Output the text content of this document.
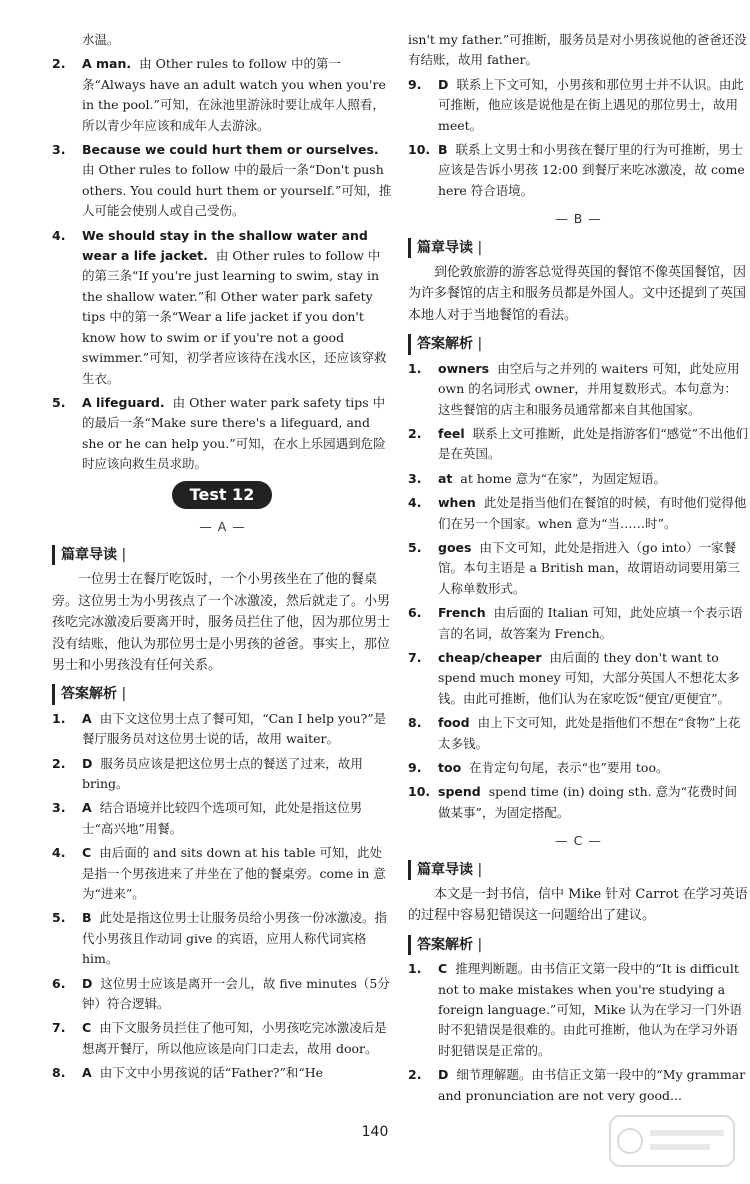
水温。
2. A man. 由 Other rules to follow 中的第一条“Always have an adult watch you when you're in the pool.”可知，在泳池里游泳时要让成年人照看，所以青少年应该和成年人去游泳。
3. Because we could hurt them or ourselves.由 Other rules to follow 中的最后一条“Don't push others. You could hurt them or yourself.”可知，推人可能会使别人或自己受伤。
4. We should stay in the shallow water and wear a life jacket. 由 Other rules to follow 中的第三条“If you're just learning to swim, stay in the shallow water.”和 Other water park safety tips 中的第一条“Wear a life jacket if you don't know how to swim or if you're not a good swimmer.”可知，初学者应该待在浅水区，还应该穿救生衣。
5. A lifeguard. 由 Other water park safety tips 中的最后一条“Make sure there's a lifeguard, and she or he can help you.”可知，在水上乐园遇到危险时应该向救生员求助。
Test 12
— A —
篇章导读 |
一位男士在餐厅吃饭时，一个小男孩坐在了他的餐桌旁。这位男士为小男孩点了一个冰激凌，然后就走了。小男孩吃完冰激凌后要离开时，服务员拦住了他，因为那位男士没有结账，他认为那位男士是小男孩的爸爸。事实上，那位男士和小男孩没有任何关系。
答案解析 |
1. A 由下文这位男士点了餐可知，“Can I help you?”是餐厅服务员对这位男士说的话，故用 waiter。
2. D 服务员应该是把这位男士点的餐送了过来，故用 bring。
3. A 结合语境并比较四个选项可知，此处是指这位男士“高兴地”用餐。
4. C 由后面的 and sits down at his table 可知，此处是指一个男孩进来了并坐在了他的餐桌旁。come in 意为“进来”。
5. B 此处是指这位男士让服务员给小男孩一份冰激凌。指代小男孩且作动词 give 的宾语，应用人称代词宾格 him。
6. D 这位男士应该是离开一会儿，故 five minutes（5分钟）符合逻辑。
7. C 由下文服务员拦住了他可知，小男孩吃完冰激凌后是想离开餐厅，所以他应该是向门口走去，故用 door。
8. A 由下文中小男孩说的话“Father?”和“He
isn't my father.”可推断，服务员是对小男孩说他的爸爸还没有结账，故用 father。
9. D 联系上下文可知，小男孩和那位男士并不认识。由此可推断，他应该是说他是在街上遇见的那位男士，故用 meet。
10. B 联系上文男士和小男孩在餐厅里的行为可推断，男士应该是告诉小男孩 12:00 到餐厅来吃冰激凌，故 come here 符合语境。
— B —
篇章导读 |
到伦敦旅游的游客总觉得英国的餐馆不像英国餐馆，因为许多餐馆的店主和服务员都是外国人。文中还提到了英国本地人对于当地餐馆的看法。
答案解析 |
1. owners 由空后与之并列的 waiters 可知，此处应用 own 的名词形式 owner，并用复数形式。本句意为：这些餐馆的店主和服务员通常都来自其他国家。
2. feel 联系上文可推断，此处是指游客们“感觉”不出他们是在英国。
3. at at home 意为“在家”，为固定短语。
4. when 此处是指当他们在餐馆的时候，有时他们觉得他们在另一个国家。when 意为“当……时”。
5. goes 由下文可知，此处是指进入（go into）一家餐馆。本句主语是 a British man，故谓语动词要用第三人称单数形式。
6. French 由后面的 Italian 可知，此处应填一个表示语言的名词，故答案为 French。
7. cheap/cheaper 由后面的 they don't want to spend much money 可知，大部分英国人不想花太多钱。由此可推断，他们认为在家吃饭“便宜/更便宜”。
8. food 由上下文可知，此处是指他们不想在“食物”上花太多钱。
9. too 在肯定句句尾，表示“也”要用 too。
10. spend spend time (in) doing sth. 意为“花费时间做某事”，为固定搭配。
— C —
篇章导读 |
本文是一封书信，信中 Mike 针对 Carrot 在学习英语的过程中容易犯错误这一问题给出了建议。
答案解析 |
1. C 推理判断题。由书信正文第一段中的“It is difficult not to make mistakes when you're studying a foreign language.”可知，Mike 认为在学习一门外语时不犯错误是很难的。由此可推断，他认为在学习外语时犯错误是正常的。
2. D 细节理解题。由书信正文第一段中的“My grammar and pronunciation are not very good...
140
